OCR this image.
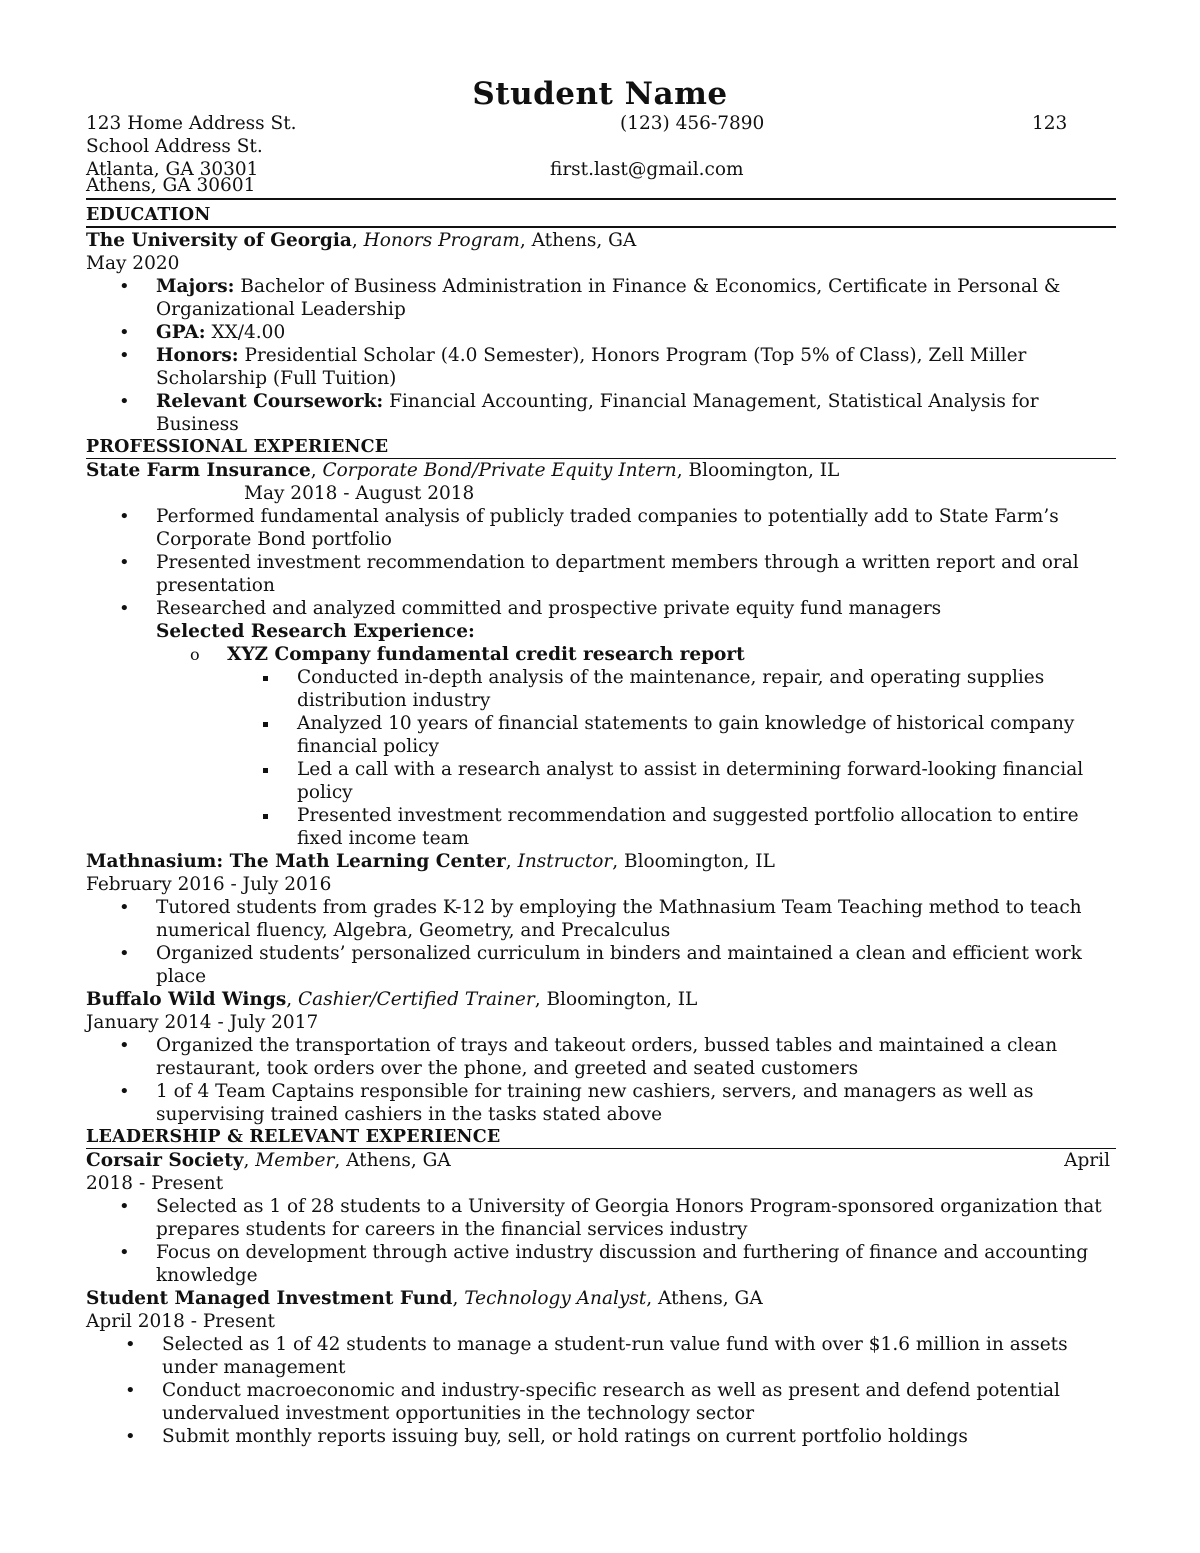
Student Name
123 Home Address St.	(123) 456-7890	123
School Address St.
Atlanta, GA 30301	first.last@gmail.com
Athens, GA 30601
EDUCATION
The University of Georgia, Honors Program, Athens, GA
May 2020
• Majors: Bachelor of Business Administration in Finance & Economics, Certificate in Personal & Organizational Leadership
• GPA: XX/4.00
• Honors: Presidential Scholar (4.0 Semester), Honors Program (Top 5% of Class), Zell Miller Scholarship (Full Tuition)
• Relevant Coursework: Financial Accounting, Financial Management, Statistical Analysis for Business
PROFESSIONAL EXPERIENCE
State Farm Insurance, Corporate Bond/Private Equity Intern, Bloomington, IL
May 2018 - August 2018
• Performed fundamental analysis of publicly traded companies to potentially add to State Farm’s Corporate Bond portfolio
• Presented investment recommendation to department members through a written report and oral presentation
• Researched and analyzed committed and prospective private equity fund managers
Selected Research Experience:
o XYZ Company fundamental credit research report
Conducted in-depth analysis of the maintenance, repair, and operating supplies distribution industry
Analyzed 10 years of financial statements to gain knowledge of historical company financial policy
Led a call with a research analyst to assist in determining forward-looking financial policy
Presented investment recommendation and suggested portfolio allocation to entire fixed income team
Mathnasium: The Math Learning Center, Instructor, Bloomington, IL
February 2016 - July 2016
• Tutored students from grades K-12 by employing the Mathnasium Team Teaching method to teach numerical fluency, Algebra, Geometry, and Precalculus
• Organized students’ personalized curriculum in binders and maintained a clean and efficient work place
Buffalo Wild Wings, Cashier/Certified Trainer, Bloomington, IL
January 2014 - July 2017
• Organized the transportation of trays and takeout orders, bussed tables and maintained a clean restaurant, took orders over the phone, and greeted and seated customers
• 1 of 4 Team Captains responsible for training new cashiers, servers, and managers as well as supervising trained cashiers in the tasks stated above
LEADERSHIP & RELEVANT EXPERIENCE
Corsair Society, Member, Athens, GA	April
2018 - Present
• Selected as 1 of 28 students to a University of Georgia Honors Program-sponsored organization that prepares students for careers in the financial services industry
• Focus on development through active industry discussion and furthering of finance and accounting knowledge
Student Managed Investment Fund, Technology Analyst, Athens, GA
April 2018 - Present
• Selected as 1 of 42 students to manage a student-run value fund with over $1.6 million in assets under management
• Conduct macroeconomic and industry-specific research as well as present and defend potential undervalued investment opportunities in the technology sector
• Submit monthly reports issuing buy, sell, or hold ratings on current portfolio holdings
